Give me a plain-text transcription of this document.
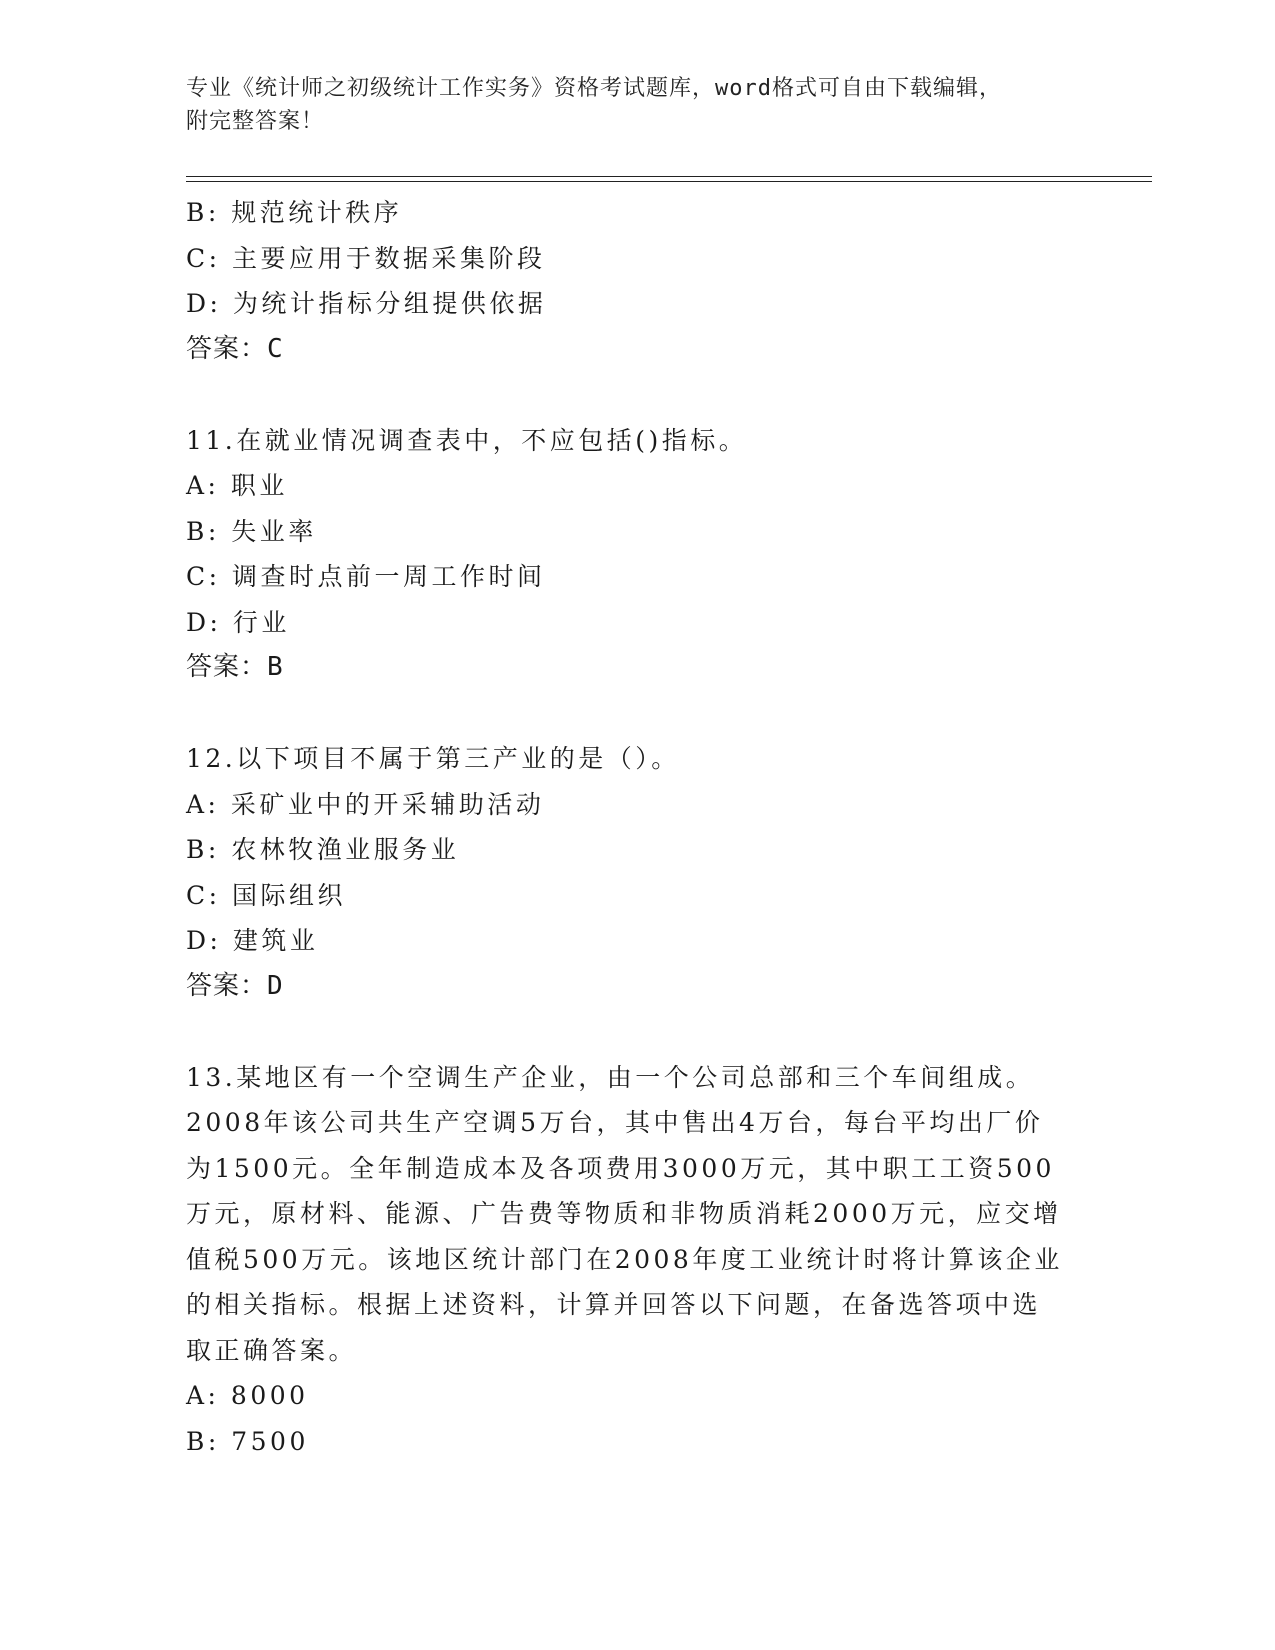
专业《统计师之初级统计工作实务》资格考试题库，word格式可自由下载编辑，
附完整答案！
B: 规范统计秩序
C: 主要应用于数据采集阶段
D: 为统计指标分组提供依据
答案：C
11.在就业情况调查表中，不应包括()指标。
A: 职业
B: 失业率
C: 调查时点前一周工作时间
D: 行业
答案：B
12.以下项目不属于第三产业的是（）。
A: 采矿业中的开采辅助活动
B: 农林牧渔业服务业
C: 国际组织
D: 建筑业
答案：D
13.某地区有一个空调生产企业，由一个公司总部和三个车间组成。
2008年该公司共生产空调5万台，其中售出4万台，每台平均出厂价
为1500元。全年制造成本及各项费用3000万元，其中职工工资500
万元，原材料、能源、广告费等物质和非物质消耗2000万元，应交增
值税500万元。该地区统计部门在2008年度工业统计时将计算该企业
的相关指标。根据上述资料，计算并回答以下问题，在备选答项中选
取正确答案。
A: 8000
B: 7500
